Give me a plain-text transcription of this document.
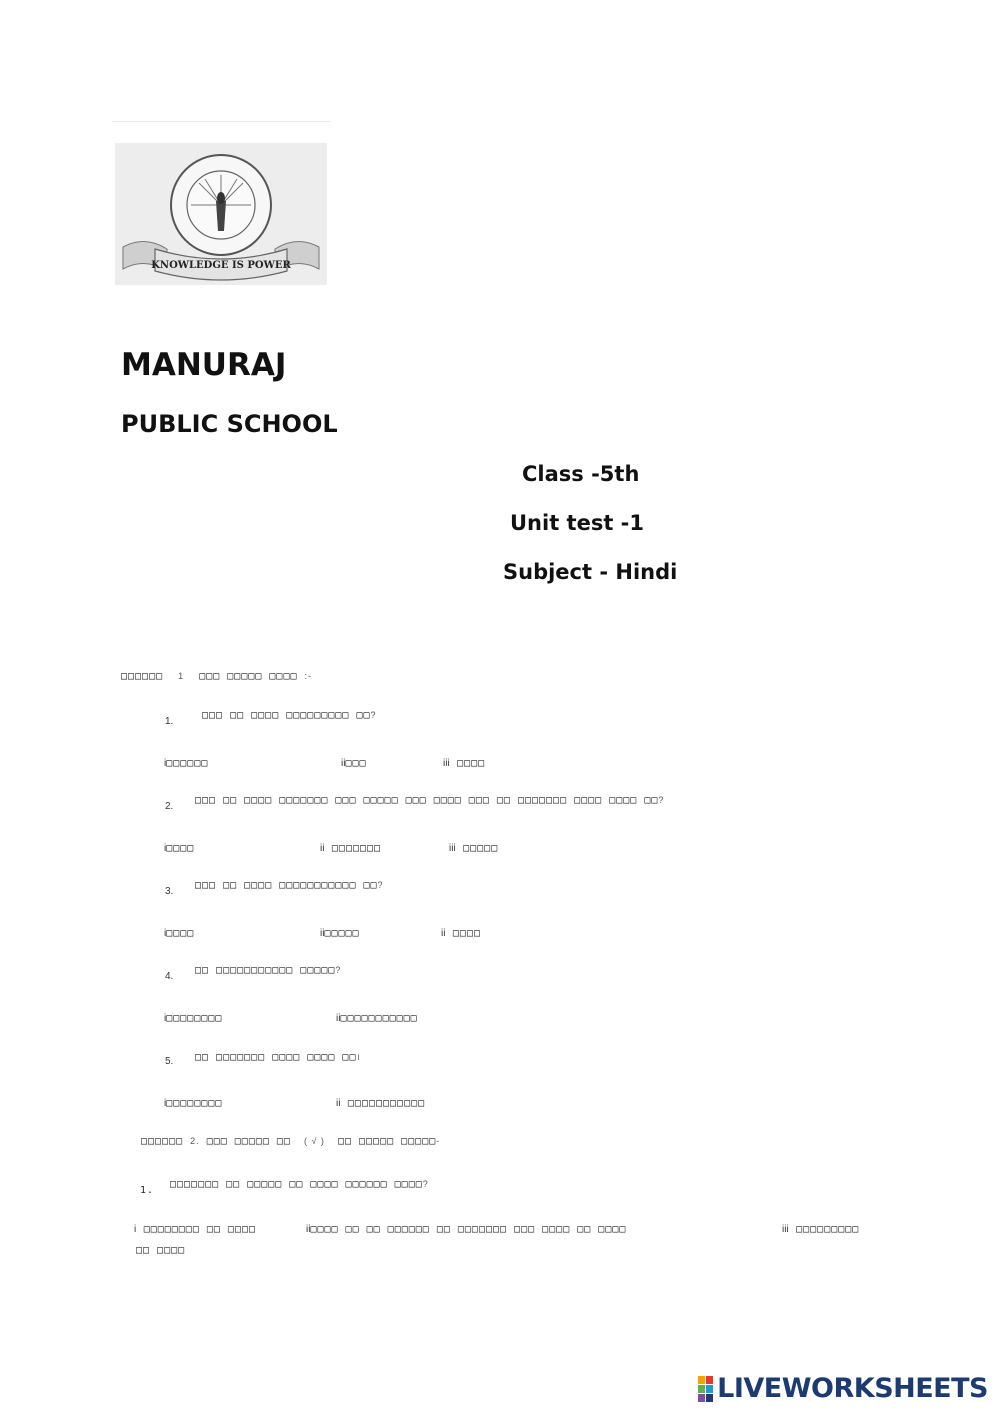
KNOWLEDGE IS POWER
MANURAJ
PUBLIC SCHOOL
Class -5th
Unit test -1
Subject - Hindi
□□□□□□ 1 □□□ □□□□□ □□□□ :-
1.
□□□ □□ □□□□ □□□□□□□□□ □□?
i□□□□□□	ii□□□	iii □□□□
2.
□□□ □□ □□□□ □□□□□□□ □□□ □□□□□ □□□ □□□□ □□□ □□ □□□□□□□ □□□□ □□□□ □□?
i□□□□	ii □□□□□□□	iii □□□□□
3.
□□□ □□ □□□□ □□□□□□□□□□□ □□?
i□□□□	ii□□□□□	ii □□□□
4.
□□ □□□□□□□□□□□ □□□□□?
i□□□□□□□□	ii□□□□□□□□□□□
5. □□ □□□□□□□ □□□□ □□□□ □□।
i□□□□□□□□	ii □□□□□□□□□□□
□□□□□□ 2. □□□ □□□□□ □□ ( √ ) □□ □□□□□ □□□□□-
1.
□□□□□□□ □□ □□□□□ □□ □□□□ □□□□□□ □□□□?
i □□□□□□□□ □□ □□□□	ii□□□□ □□ □□ □□□□□□ □□ □□□□□□□ □□□ □□□□ □□ □□□□	iii □□□□□□□□□
□□ □□□□
LIVEWORKSHEETS
